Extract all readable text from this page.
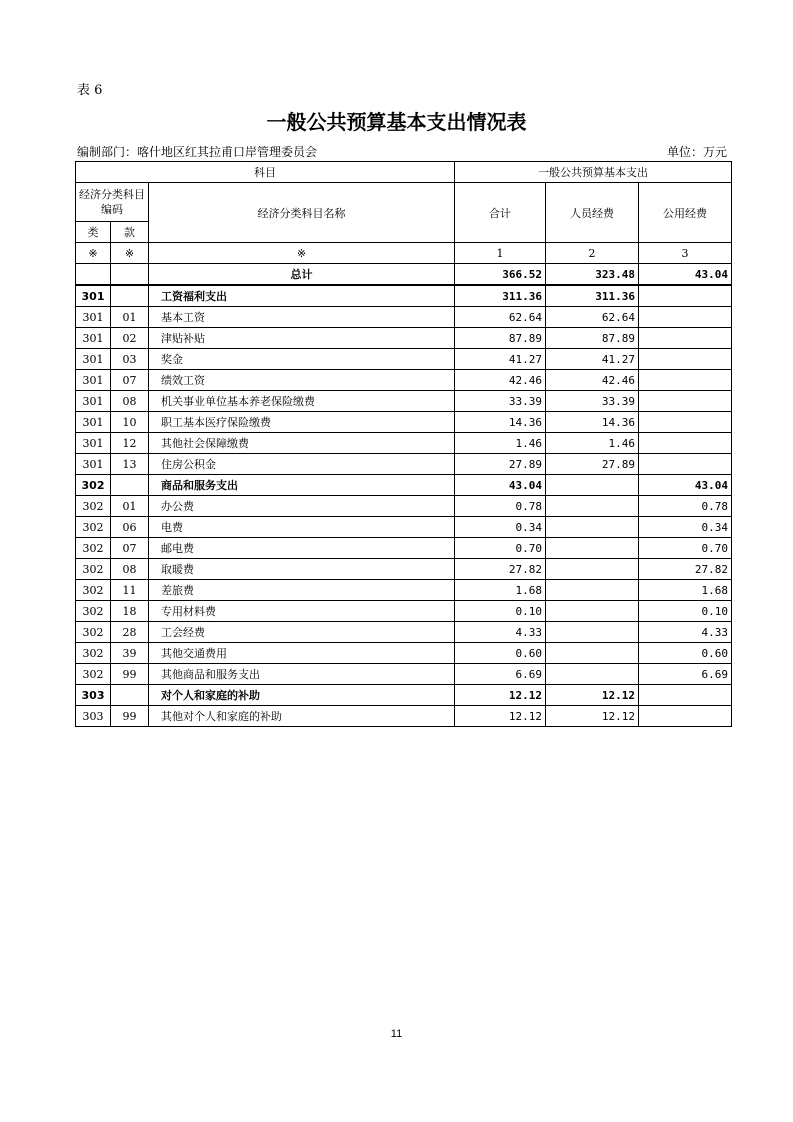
表 6
一般公共预算基本支出情况表
编制部门：喀什地区红其拉甫口岸管理委员会	单位：万元
科目			一般公共预算基本支出		
经济分类科目编码		经济分类科目名称	合计	人员经费	公用经费
类	款				
※	※	※	1	2	3
		总计	366.52	323.48	43.04
301		工资福利支出	311.36	311.36	
301	01	基本工资	62.64	62.64	
301	02	津贴补贴	87.89	87.89	
301	03	奖金	41.27	41.27	
301	07	绩效工资	42.46	42.46	
301	08	机关事业单位基本养老保险缴费	33.39	33.39	
301	10	职工基本医疗保险缴费	14.36	14.36	
301	12	其他社会保障缴费	1.46	1.46	
301	13	住房公积金	27.89	27.89	
302		商品和服务支出	43.04		43.04
302	01	办公费	0.78		0.78
302	06	电费	0.34		0.34
302	07	邮电费	0.70		0.70
302	08	取暖费	27.82		27.82
302	11	差旅费	1.68		1.68
302	18	专用材料费	0.10		0.10
302	28	工会经费	4.33		4.33
302	39	其他交通费用	0.60		0.60
302	99	其他商品和服务支出	6.69		6.69
303		对个人和家庭的补助	12.12	12.12	
303	99	其他对个人和家庭的补助	12.12	12.12	
11
